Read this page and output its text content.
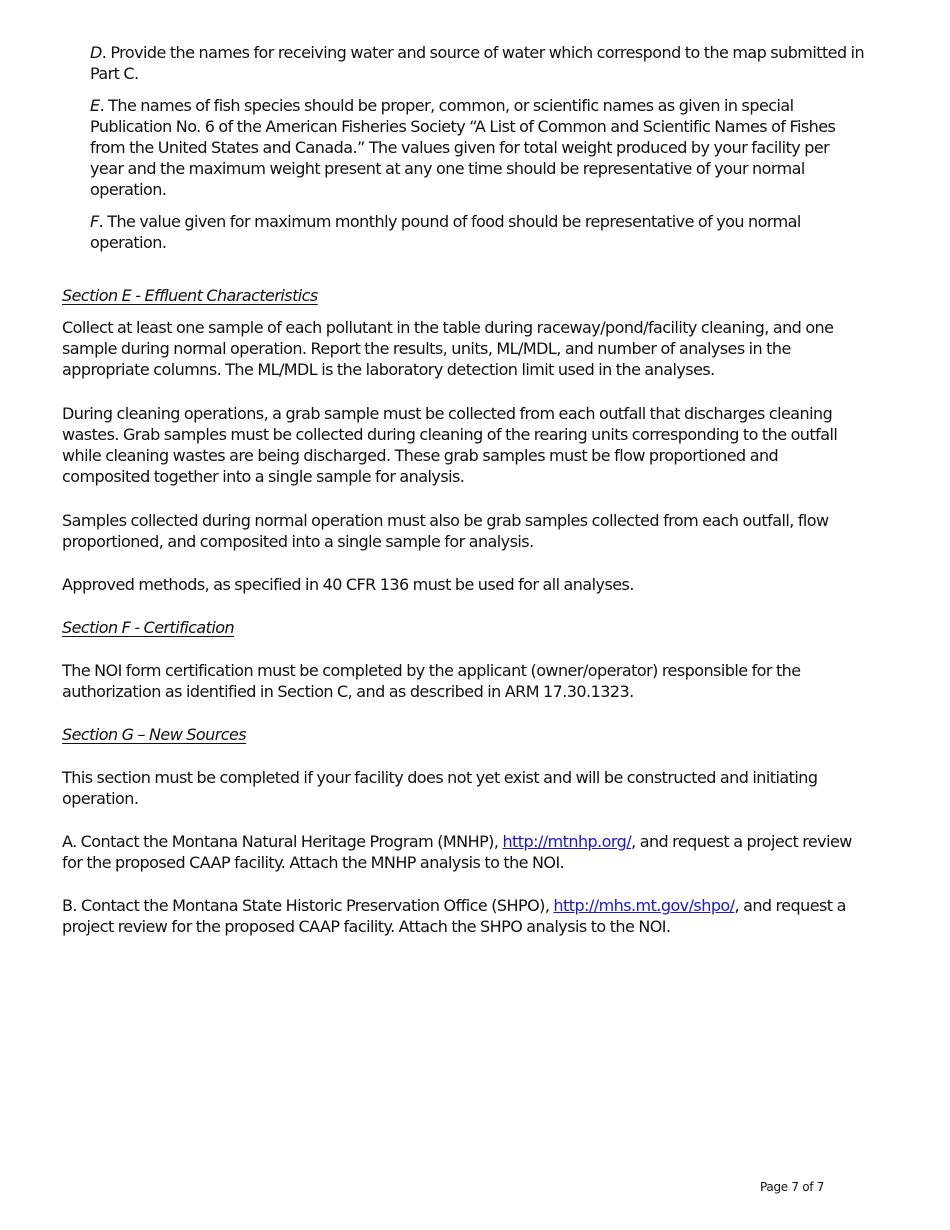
D. Provide the names for receiving water and source of water which correspond to the map submitted in Part C.
E. The names of fish species should be proper, common, or scientific names as given in special Publication No. 6 of the American Fisheries Society “A List of Common and Scientific Names of Fishes from the United States and Canada.” The values given for total weight produced by your facility per year and the maximum weight present at any one time should be representative of your normal operation.
F. The value given for maximum monthly pound of food should be representative of you normal operation.
Section E - Effluent Characteristics
Collect at least one sample of each pollutant in the table during raceway/pond/facility cleaning, and one sample during normal operation. Report the results, units, ML/MDL, and number of analyses in the appropriate columns. The ML/MDL is the laboratory detection limit used in the analyses.
During cleaning operations, a grab sample must be collected from each outfall that discharges cleaning wastes. Grab samples must be collected during cleaning of the rearing units corresponding to the outfall while cleaning wastes are being discharged. These grab samples must be flow proportioned and composited together into a single sample for analysis.
Samples collected during normal operation must also be grab samples collected from each outfall, flow proportioned, and composited into a single sample for analysis.
Approved methods, as specified in 40 CFR 136 must be used for all analyses.
Section F - Certification
The NOI form certification must be completed by the applicant (owner/operator) responsible for the authorization as identified in Section C, and as described in ARM 17.30.1323.
Section G – New Sources
This section must be completed if your facility does not yet exist and will be constructed and initiating operation.
A. Contact the Montana Natural Heritage Program (MNHP), http://mtnhp.org/, and request a project review for the proposed CAAP facility. Attach the MNHP analysis to the NOI.
B. Contact the Montana State Historic Preservation Office (SHPO), http://mhs.mt.gov/shpo/, and request a project review for the proposed CAAP facility. Attach the SHPO analysis to the NOI.
Page 7 of 7
